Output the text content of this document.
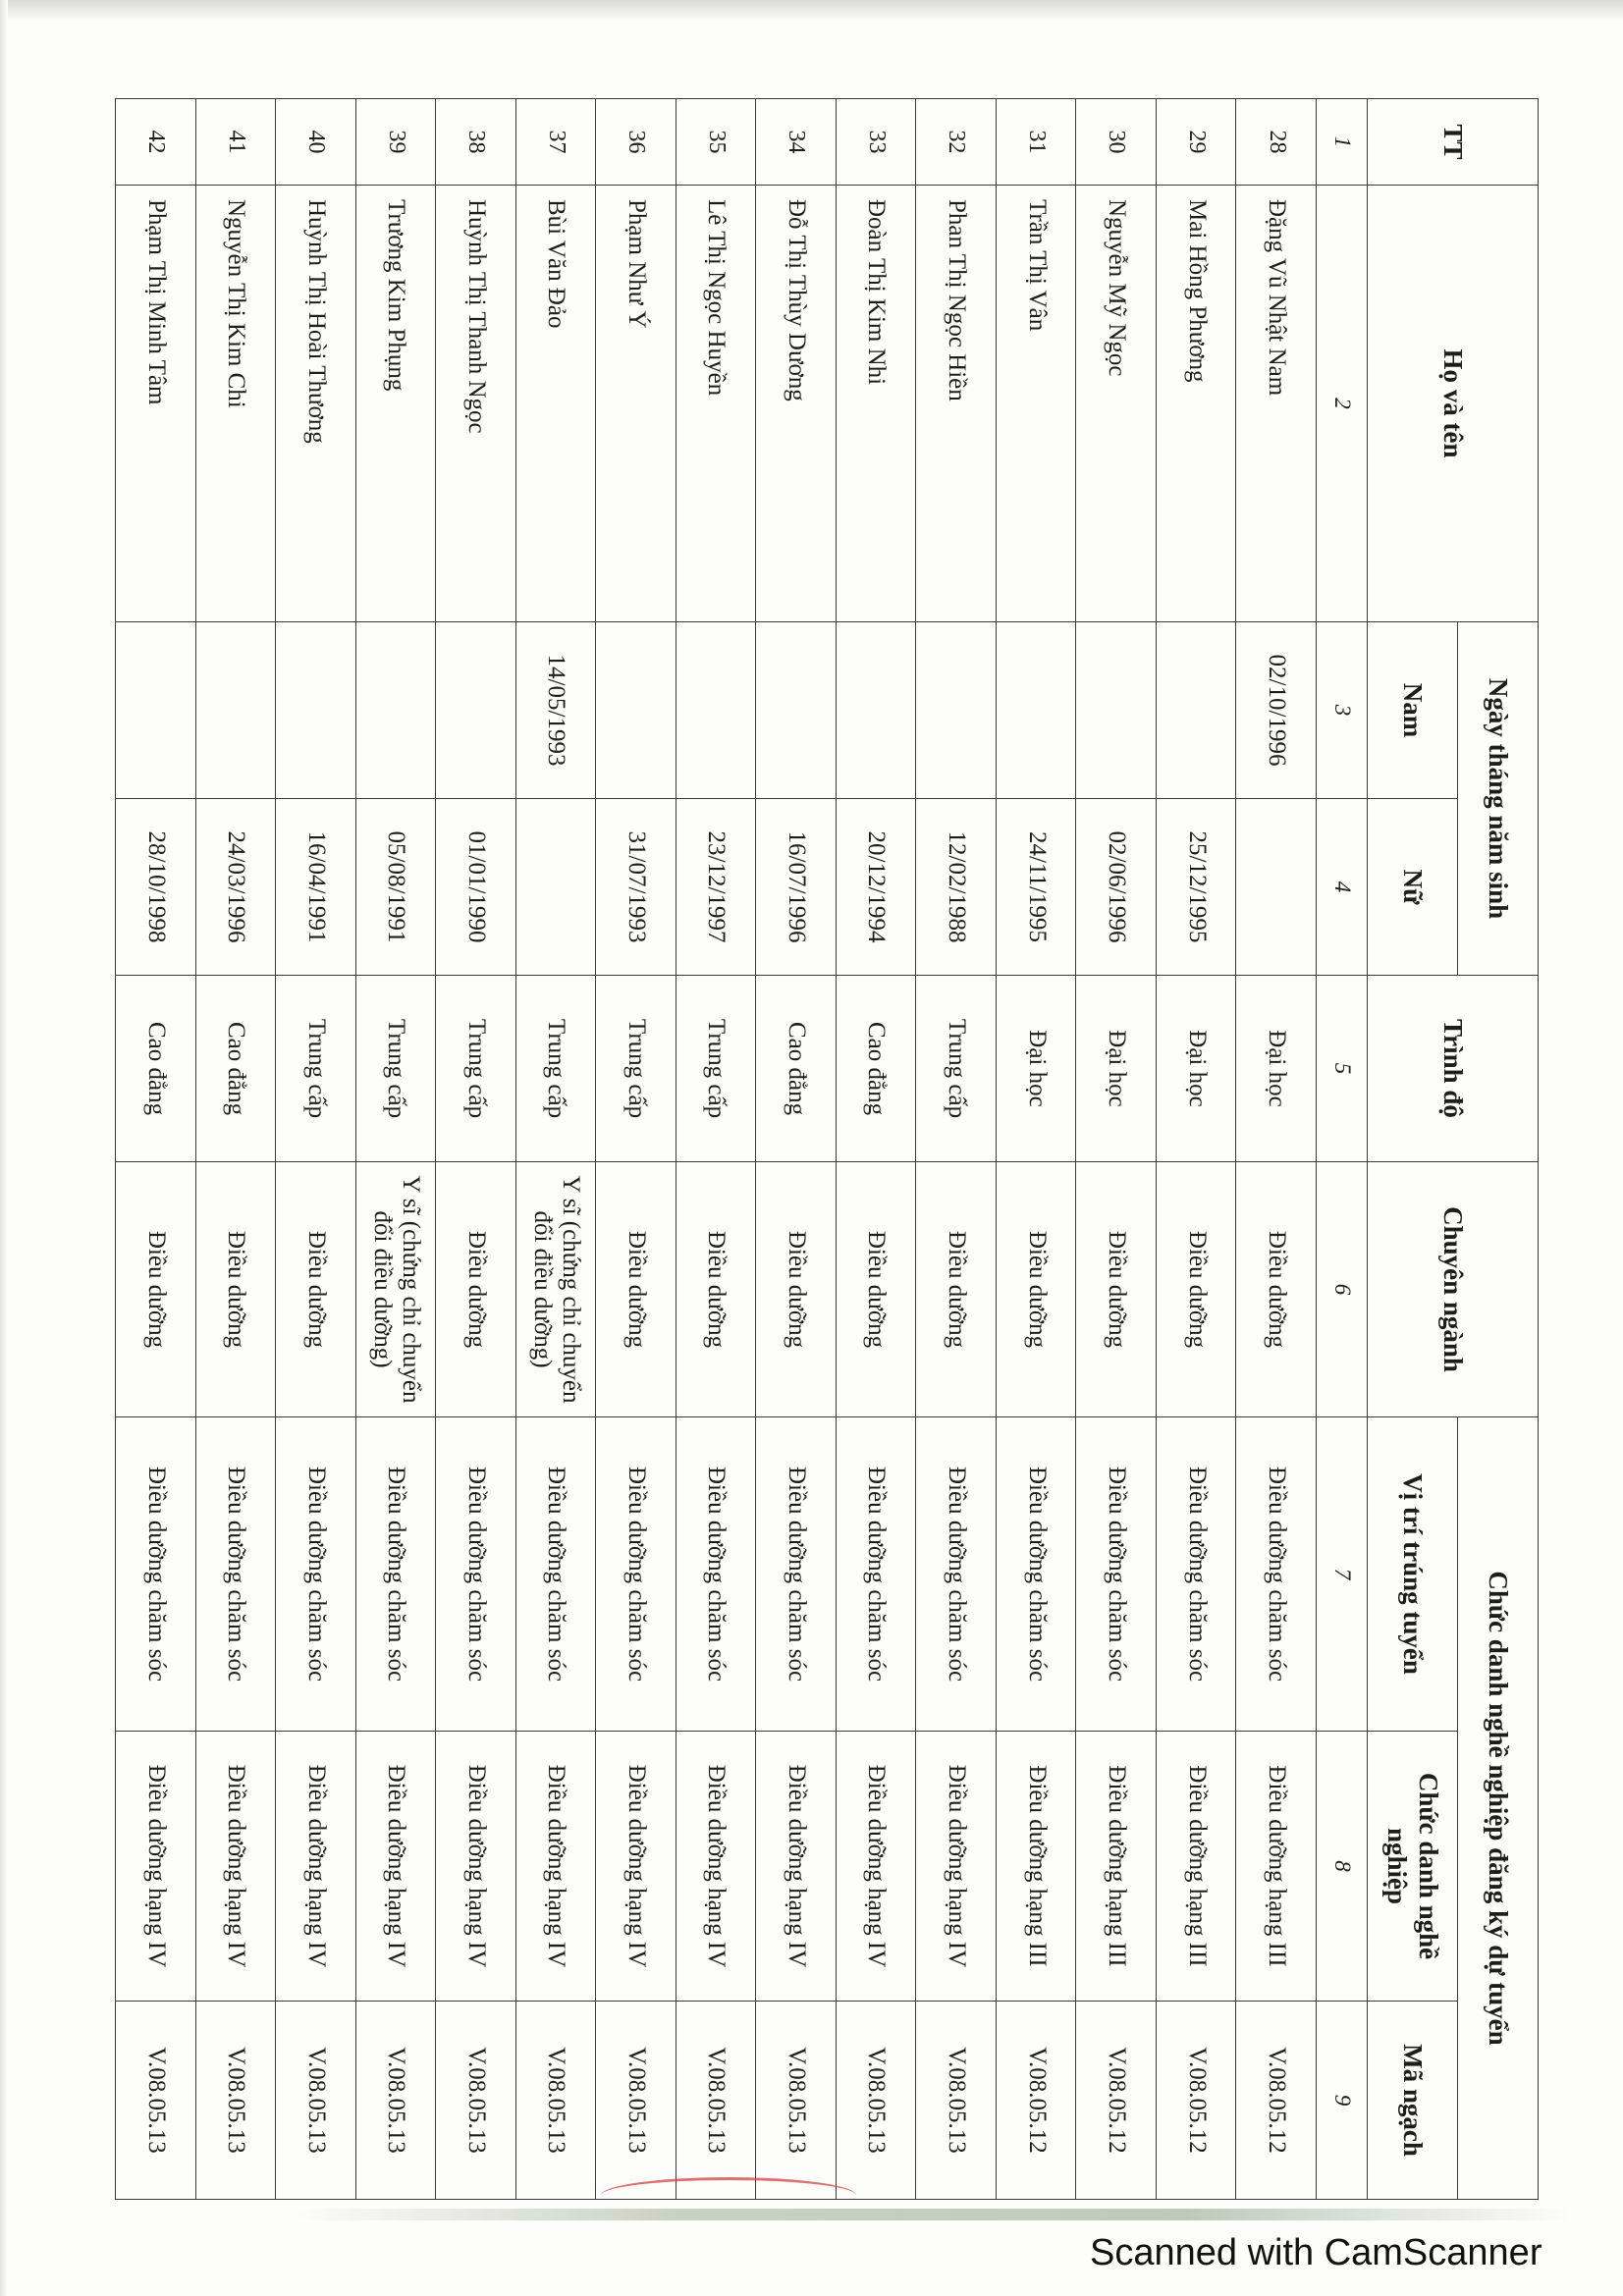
TT	Họ và tên	Ngày tháng năm sinh		Trình độ	Chuyên ngành	Chức danh nghề nghiệp đăng ký dự tuyển		
		Nam	Nữ			Vị trí trúng tuyển	Chức danh nghề nghiệp	Mã ngạch
1	2	3	4	5	6	7	8	9
28	Đặng Vũ Nhật Nam	02/10/1996		Đại học	Điều dưỡng	Điều dưỡng chăm sóc	Điều dưỡng hạng III	V.08.05.12
29	Mai Hồng Phương		25/12/1995	Đại học	Điều dưỡng	Điều dưỡng chăm sóc	Điều dưỡng hạng III	V.08.05.12
30	Nguyễn Mỹ Ngọc		02/06/1996	Đại học	Điều dưỡng	Điều dưỡng chăm sóc	Điều dưỡng hạng III	V.08.05.12
31	Trần Thị Vân		24/11/1995	Đại học	Điều dưỡng	Điều dưỡng chăm sóc	Điều dưỡng hạng III	V.08.05.12
32	Phan Thị Ngọc Hiền		12/02/1988	Trung cấp	Điều dưỡng	Điều dưỡng chăm sóc	Điều dưỡng hạng IV	V.08.05.13
33	Đoàn Thị Kim Nhi		20/12/1994	Cao đẳng	Điều dưỡng	Điều dưỡng chăm sóc	Điều dưỡng hạng IV	V.08.05.13
34	Đỗ Thị Thùy Dương		16/07/1996	Cao đẳng	Điều dưỡng	Điều dưỡng chăm sóc	Điều dưỡng hạng IV	V.08.05.13
35	Lê Thị Ngọc Huyền		23/12/1997	Trung cấp	Điều dưỡng	Điều dưỡng chăm sóc	Điều dưỡng hạng IV	V.08.05.13
36	Phạm Như Ý		31/07/1993	Trung cấp	Điều dưỡng	Điều dưỡng chăm sóc	Điều dưỡng hạng IV	V.08.05.13
37	Bùi Văn Đảo	14/05/1993		Trung cấp	Y sĩ (chứng chỉ chuyển đổi điều dưỡng)	Điều dưỡng chăm sóc	Điều dưỡng hạng IV	V.08.05.13
38	Huỳnh Thị Thanh Ngọc		01/01/1990	Trung cấp	Điều dưỡng	Điều dưỡng chăm sóc	Điều dưỡng hạng IV	V.08.05.13
39	Trương Kim Phụng		05/08/1991	Trung cấp	Y sĩ (chứng chỉ chuyển đổi điều dưỡng)	Điều dưỡng chăm sóc	Điều dưỡng hạng IV	V.08.05.13
40	Huỳnh Thị Hoài Thương		16/04/1991	Trung cấp	Điều dưỡng	Điều dưỡng chăm sóc	Điều dưỡng hạng IV	V.08.05.13
41	Nguyễn Thị Kim Chi		24/03/1996	Cao đẳng	Điều dưỡng	Điều dưỡng chăm sóc	Điều dưỡng hạng IV	V.08.05.13
42	Phạm Thị Minh Tâm		28/10/1998	Cao đẳng	Điều dưỡng	Điều dưỡng chăm sóc	Điều dưỡng hạng IV	V.08.05.13
Scanned with CamScanner
